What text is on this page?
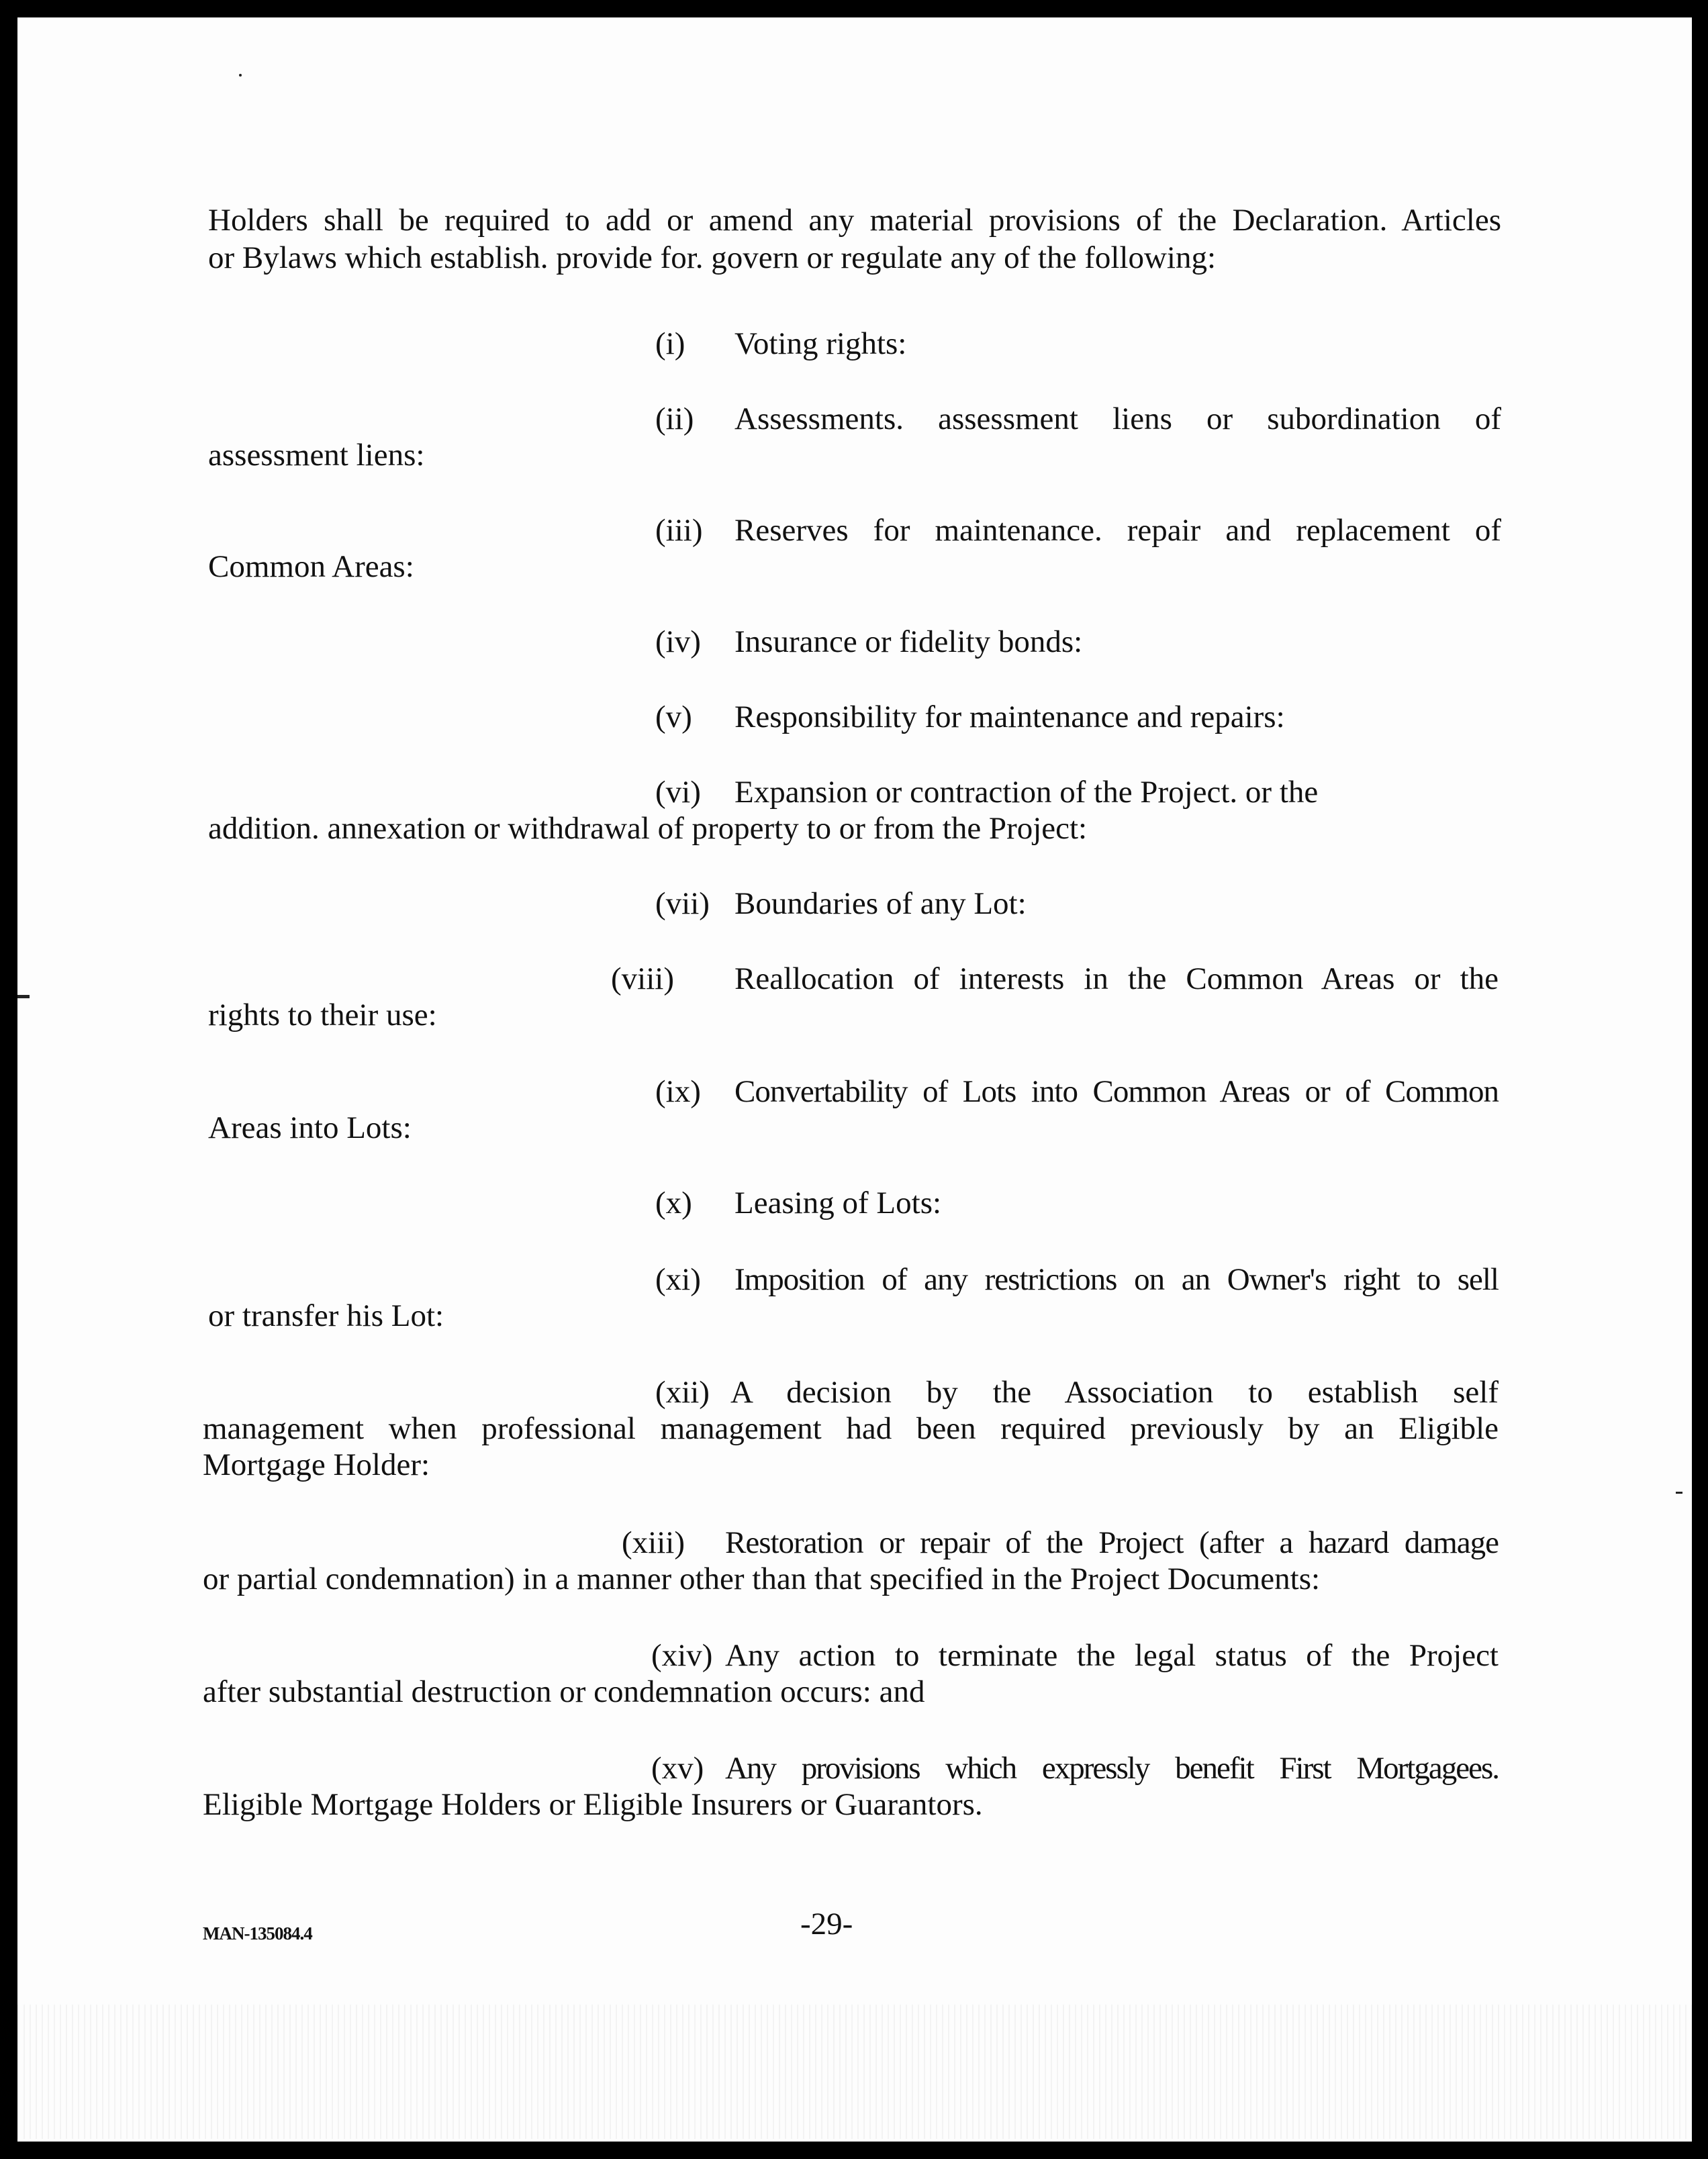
Holders shall be required to add or amend any material provisions of the Declaration. Articles
or Bylaws which establish. provide for. govern or regulate any of the following:
(i) Voting rights:
(ii) Assessments. assessment liens or subordination of
assessment liens:
(iii) Reserves for maintenance. repair and replacement of
Common Areas:
(iv) Insurance or fidelity bonds:
(v) Responsibility for maintenance and repairs:
(vi) Expansion or contraction of the Project. or the
addition. annexation or withdrawal of property to or from the Project:
(vii) Boundaries of any Lot:
(viii) Reallocation of interests in the Common Areas or the
rights to their use:
(ix) Convertability of Lots into Common Areas or of Common
Areas into Lots:
(x) Leasing of Lots:
(xi) Imposition of any restrictions on an Owner's right to sell
or transfer his Lot:
(xii) A decision by the Association to establish self
management when professional management had been required previously by an Eligible
Mortgage Holder:
(xiii) Restoration or repair of the Project (after a hazard damage
or partial condemnation) in a manner other than that specified in the Project Documents:
(xiv) Any action to terminate the legal status of the Project
after substantial destruction or condemnation occurs: and
(xv) Any provisions which expressly benefit First Mortgagees.
Eligible Mortgage Holders or Eligible Insurers or Guarantors.
MAN-135084.4	-29-
